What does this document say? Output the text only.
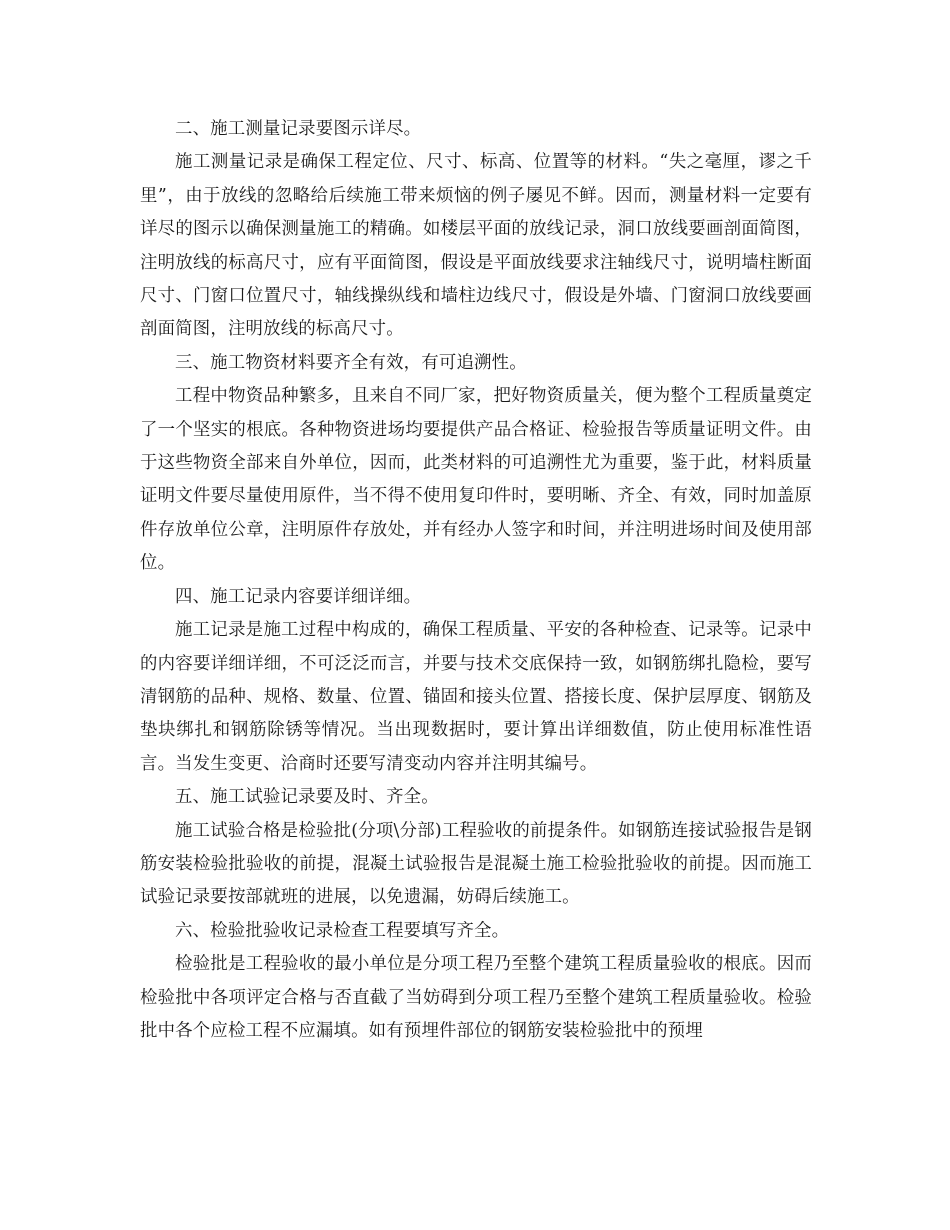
二、施工测量记录要图示详尽。

施工测量记录是确保工程定位、尺寸、标高、位置等的材料。“失之毫厘，谬之千里”，由于放线的忽略给后续施工带来烦恼的例子屡见不鲜。因而，测量材料一定要有详尽的图示以确保测量施工的精确。如楼层平面的放线记录，洞口放线要画剖面简图，注明放线的标高尺寸，应有平面简图，假设是平面放线要求注轴线尺寸，说明墙柱断面尺寸、门窗口位置尺寸，轴线操纵线和墙柱边线尺寸，假设是外墙、门窗洞口放线要画剖面简图，注明放线的标高尺寸。

三、施工物资材料要齐全有效，有可追溯性。

工程中物资品种繁多，且来自不同厂家，把好物资质量关，便为整个工程质量奠定了一个坚实的根底。各种物资进场均要提供产品合格证、检验报告等质量证明文件。由于这些物资全部来自外单位，因而，此类材料的可追溯性尤为重要，鉴于此，材料质量证明文件要尽量使用原件，当不得不使用复印件时，要明晰、齐全、有效，同时加盖原件存放单位公章，注明原件存放处，并有经办人签字和时间，并注明进场时间及使用部位。

四、施工记录内容要详细详细。

施工记录是施工过程中构成的，确保工程质量、平安的各种检查、记录等。记录中的内容要详细详细，不可泛泛而言，并要与技术交底保持一致，如钢筋绑扎隐检，要写清钢筋的品种、规格、数量、位置、锚固和接头位置、搭接长度、保护层厚度、钢筋及垫块绑扎和钢筋除锈等情况。当出现数据时，要计算出详细数值，防止使用标准性语言。当发生变更、洽商时还要写清变动内容并注明其编号。

五、施工试验记录要及时、齐全。

施工试验合格是检验批(分项\分部)工程验收的前提条件。如钢筋连接试验报告是钢筋安装检验批验收的前提，混凝土试验报告是混凝土施工检验批验收的前提。因而施工试验记录要按部就班的进展，以免遗漏，妨碍后续施工。

六、检验批验收记录检查工程要填写齐全。

检验批是工程验收的最小单位是分项工程乃至整个建筑工程质量验收的根底。因而检验批中各项评定合格与否直截了当妨碍到分项工程乃至整个建筑工程质量验收。检验批中各个应检工程不应漏填。如有预埋件部位的钢筋安装检验批中的预埋
